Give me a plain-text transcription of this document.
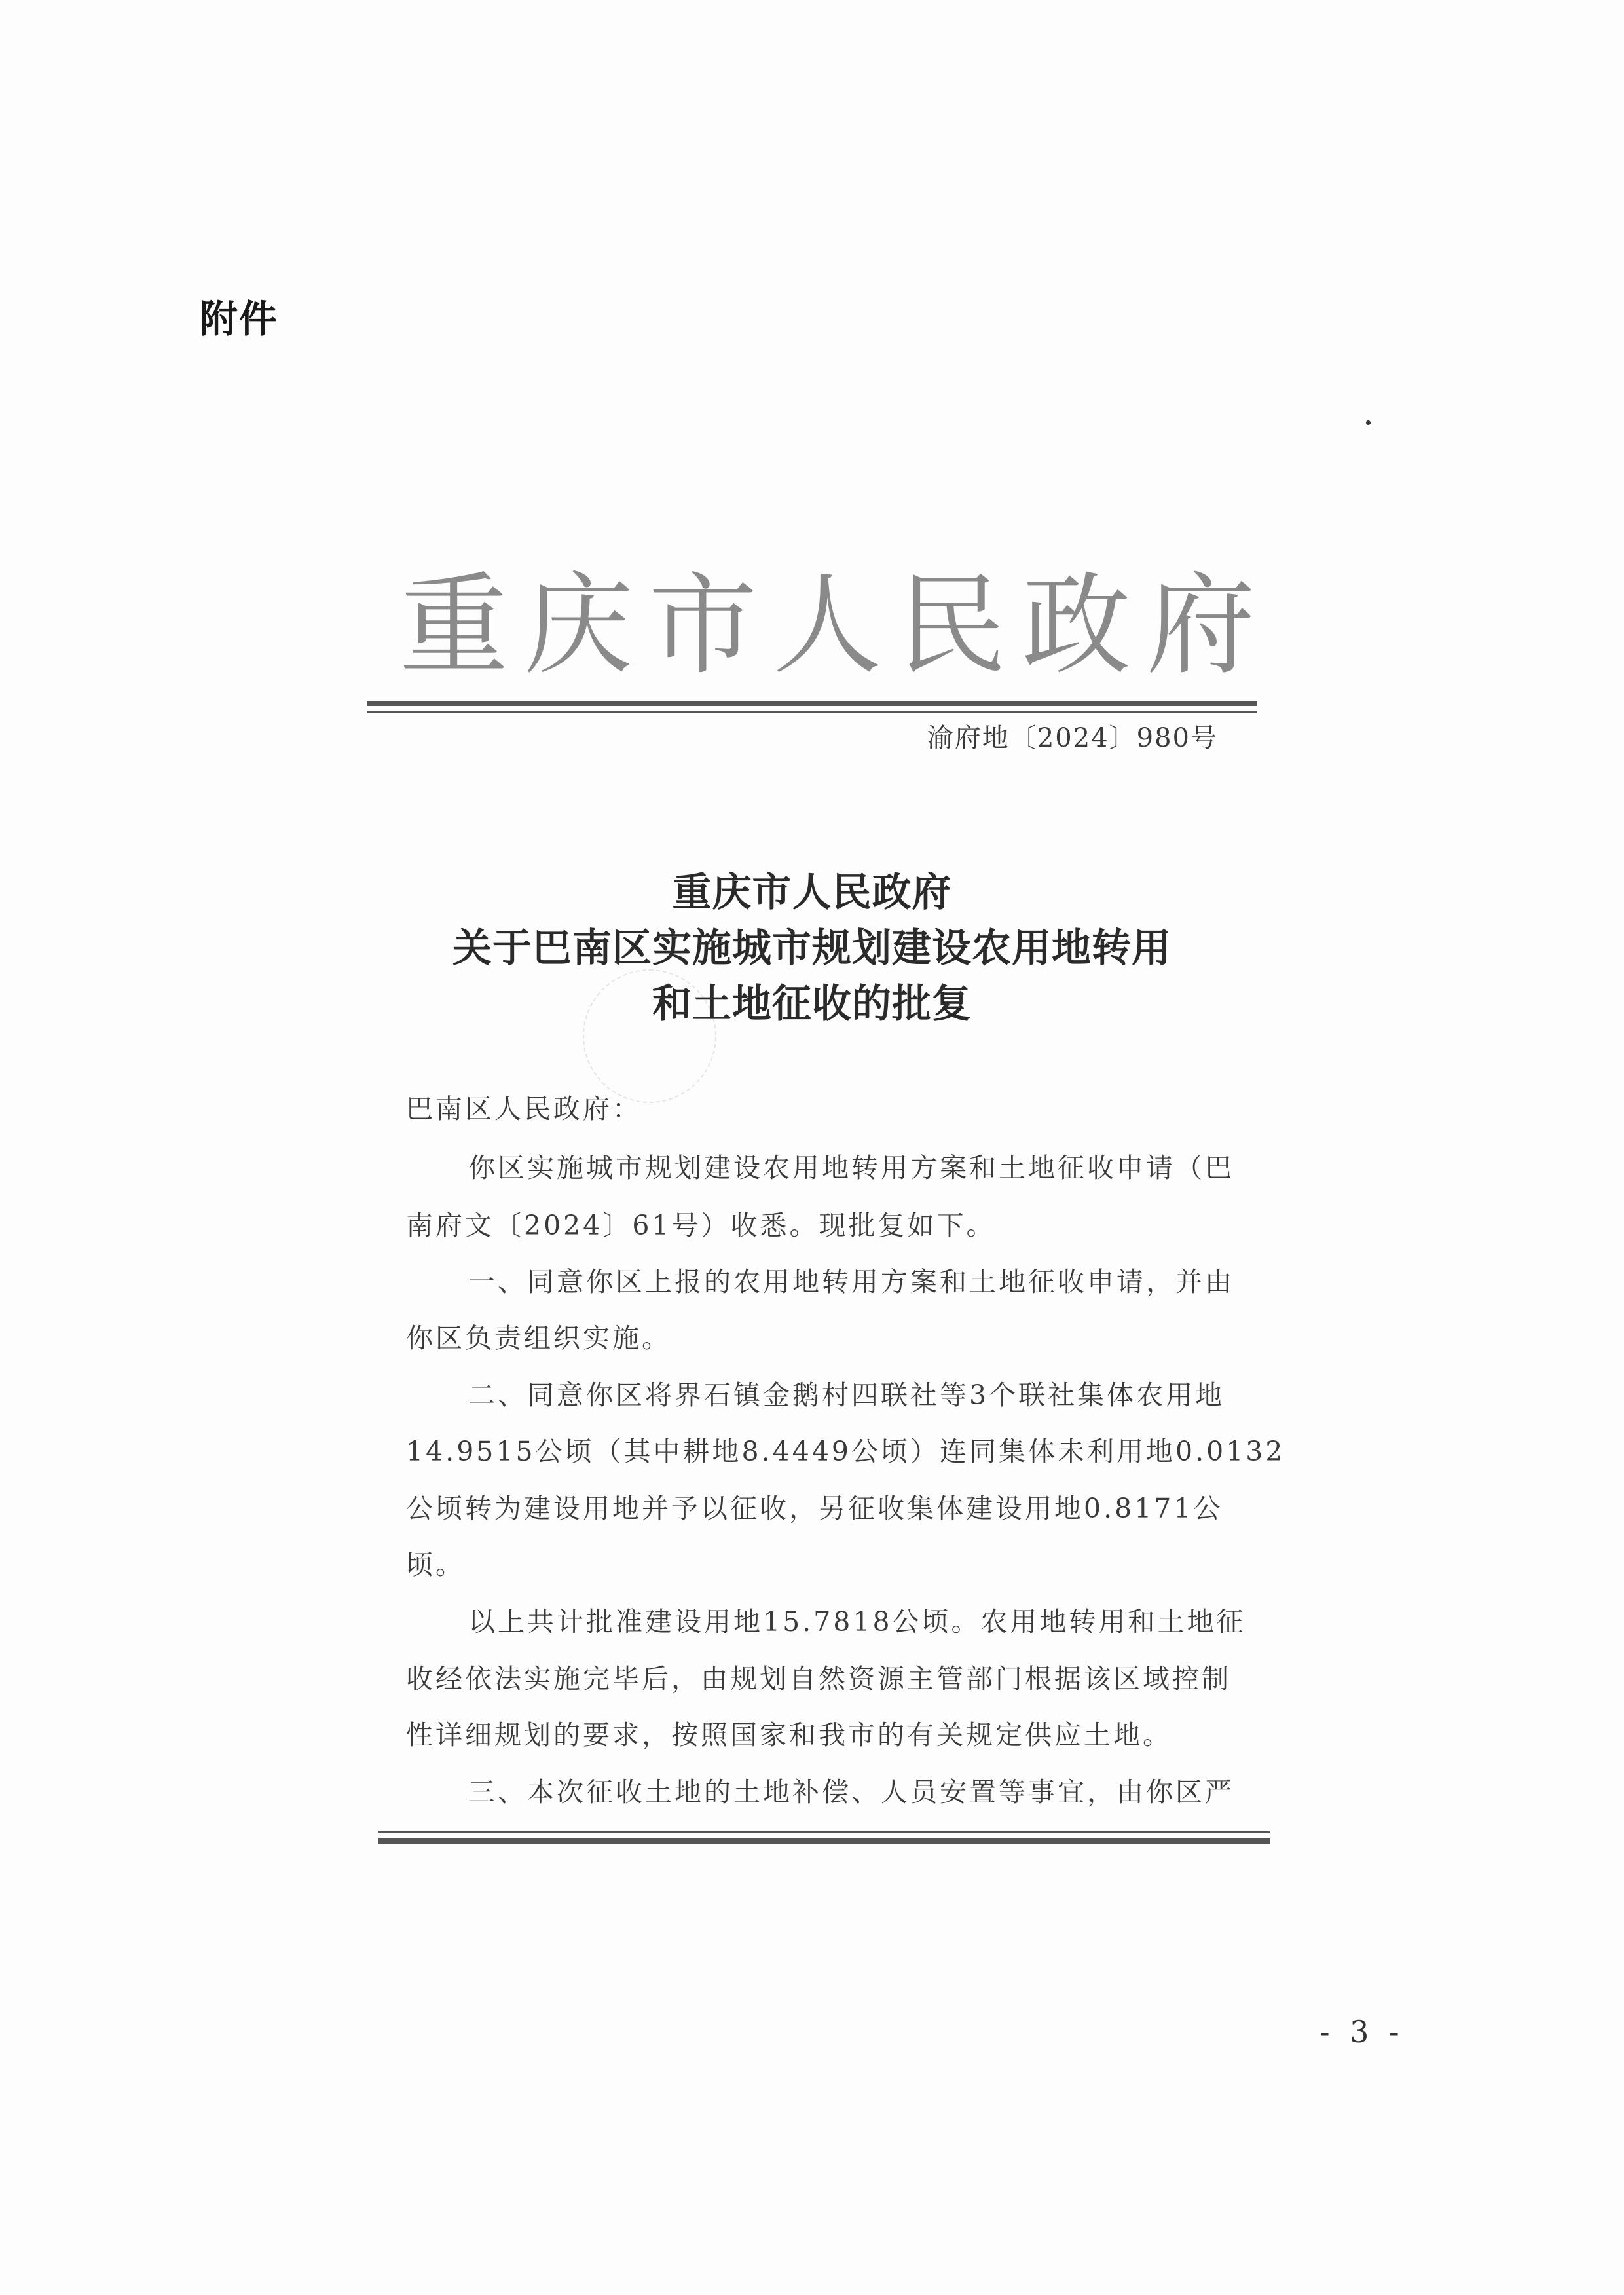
附件
重庆市人民政府
渝府地〔2024〕980号
重庆市人民政府
关于巴南区实施城市规划建设农用地转用
和土地征收的批复
巴南区人民政府：
你区实施城市规划建设农用地转用方案和土地征收申请（巴
南府文〔2024〕61号）收悉。现批复如下。
一、同意你区上报的农用地转用方案和土地征收申请，并由
你区负责组织实施。
二、同意你区将界石镇金鹅村四联社等3个联社集体农用地
14.9515公顷（其中耕地8.4449公顷）连同集体未利用地0.0132
公顷转为建设用地并予以征收，另征收集体建设用地0.8171公
顷。
以上共计批准建设用地15.7818公顷。农用地转用和土地征
收经依法实施完毕后，由规划自然资源主管部门根据该区域控制
性详细规划的要求，按照国家和我市的有关规定供应土地。
三、本次征收土地的土地补偿、人员安置等事宜，由你区严
- 3 -
